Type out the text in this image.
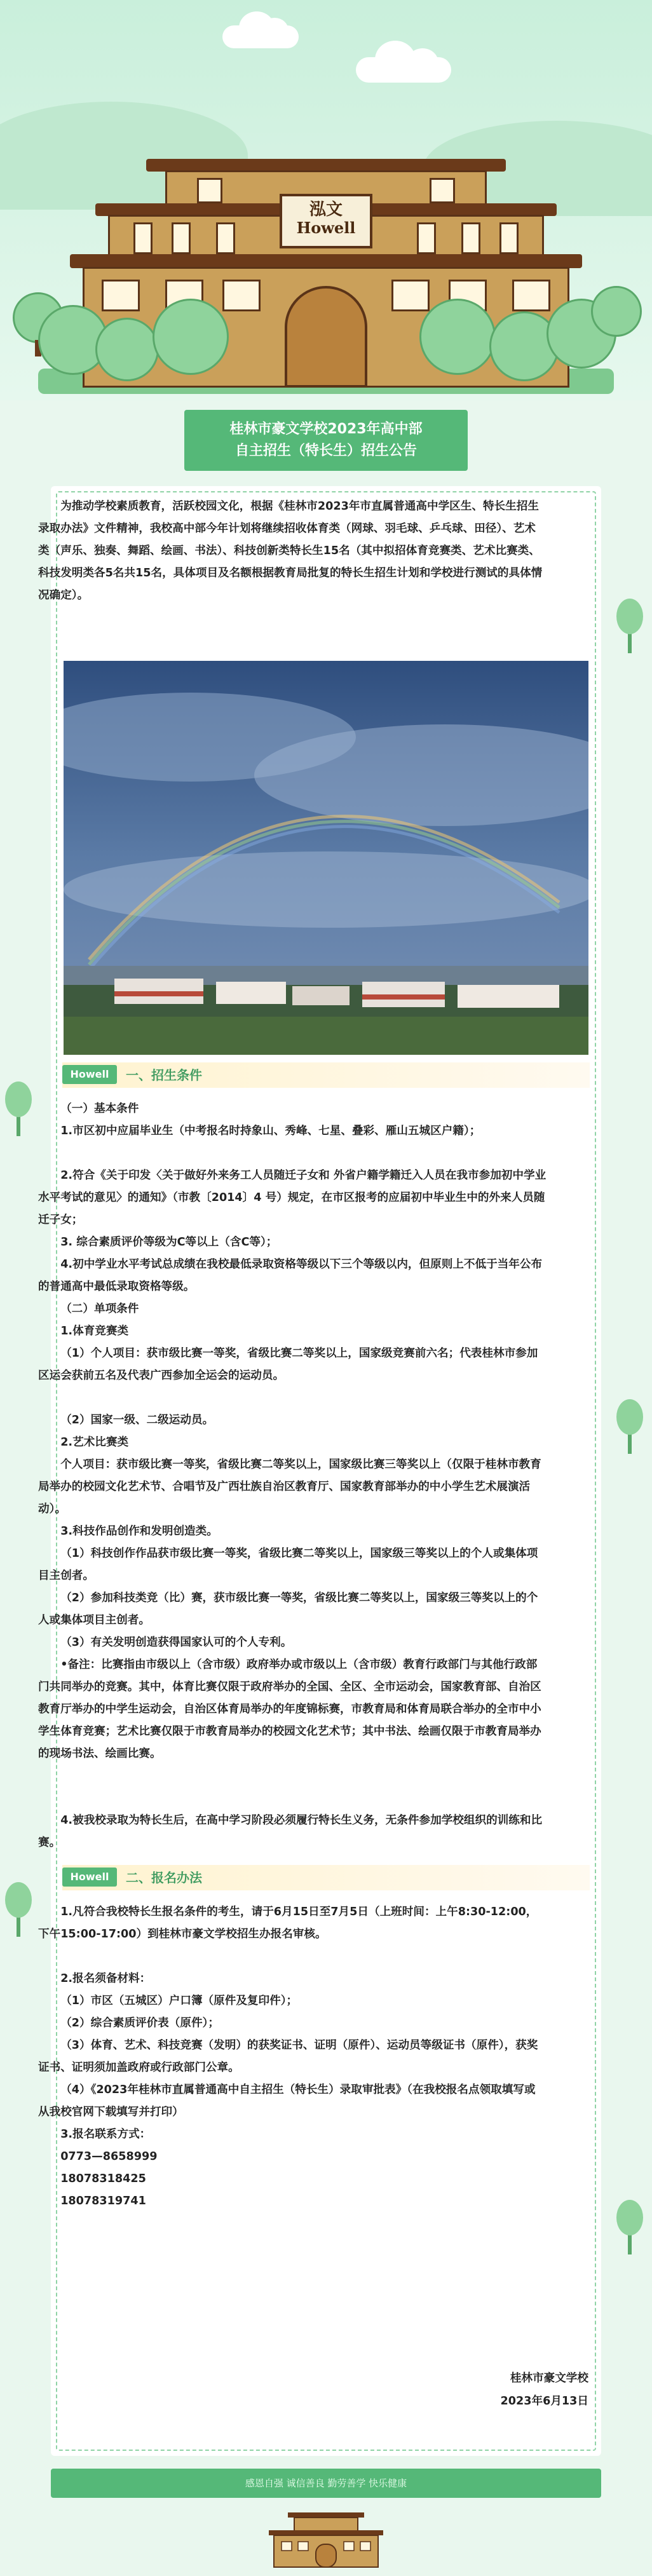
泓文
Howell
桂林市豪文学校2023年高中部
自主招生（特长生）招生公告

为推动学校素质教育，活跃校园文化，根据《桂林市2023年市直属普通高中学区生、特长生招生录取办法》文件精神，我校高中部今年计划将继续招收体育类（网球、羽毛球、乒乓球、田径）、艺术类（声乐、独奏、舞蹈、绘画、书法）、科技创新类特长生15名（其中拟招体育竞赛类、艺术比赛类、科技发明类各5名共15名，具体项目及名额根据教育局批复的特长生招生计划和学校进行测试的具体情况确定）。

Howell	一、招生条件

（一）基本条件

1.市区初中应届毕业生（中考报名时持象山、秀峰、七星、叠彩、雁山五城区户籍）；

2.符合《关于印发〈关于做好外来务工人员随迁子女和 外省户籍学籍迁入人员在我市参加初中学业水平考试的意见〉的通知》（市教〔2014〕4 号）规定，在市区报考的应届初中毕业生中的外来人员随迁子女；

3. 综合素质评价等级为C等以上（含C等）；

4.初中学业水平考试总成绩在我校最低录取资格等级以下三个等级以内，但原则上不低于当年公布的普通高中最低录取资格等级。

（二）单项条件

1.体育竞赛类

（1）个人项目：获市级比赛一等奖，省级比赛二等奖以上，国家级竞赛前六名；代表桂林市参加区运会获前五名及代表广西参加全运会的运动员。

（2）国家一级、二级运动员。

2.艺术比赛类

个人项目：获市级比赛一等奖，省级比赛二等奖以上，国家级比赛三等奖以上（仅限于桂林市教育局举办的校园文化艺术节、合唱节及广西壮族自治区教育厅、国家教育部举办的中小学生艺术展演活动）。

3.科技作品创作和发明创造类。

（1）科技创作作品获市级比赛一等奖，省级比赛二等奖以上，国家级三等奖以上的个人或集体项目主创者。

（2）参加科技类竞（比）赛，获市级比赛一等奖，省级比赛二等奖以上，国家级三等奖以上的个人或集体项目主创者。

（3）有关发明创造获得国家认可的个人专利。

•备注：比赛指由市级以上（含市级）政府举办或市级以上（含市级）教育行政部门与其他行政部门共同举办的竞赛。其中，体育比赛仅限于政府举办的全国、全区、全市运动会，国家教育部、自治区教育厅举办的中学生运动会，自治区体育局举办的年度锦标赛，市教育局和体育局联合举办的全市中小学生体育竞赛；艺术比赛仅限于市教育局举办的校园文化艺术节；其中书法、绘画仅限于市教育局举办的现场书法、绘画比赛。

4.被我校录取为特长生后，在高中学习阶段必须履行特长生义务，无条件参加学校组织的训练和比赛。

Howell	二、报名办法

1.凡符合我校特长生报名条件的考生，请于6月15日至7月5日（上班时间：上午8:30-12:00，下午15:00-17:00）到桂林市豪文学校招生办报名审核。

2.报名须备材料：

（1）市区（五城区）户口簿（原件及复印件）；

（2）综合素质评价表（原件）；

（3）体育、艺术、科技竞赛（发明）的获奖证书、证明（原件）、运动员等级证书（原件），获奖证书、证明须加盖政府或行政部门公章。

（4）《2023年桂林市直属普通高中自主招生（特长生）录取审批表》（在我校报名点领取填写或从我校官网下载填写并打印）

3.报名联系方式：

0773—8658999

18078318425

18078319741

桂林市豪文学校
2023年6月13日
感恩自强 诚信善良 勤劳善学 快乐健康
